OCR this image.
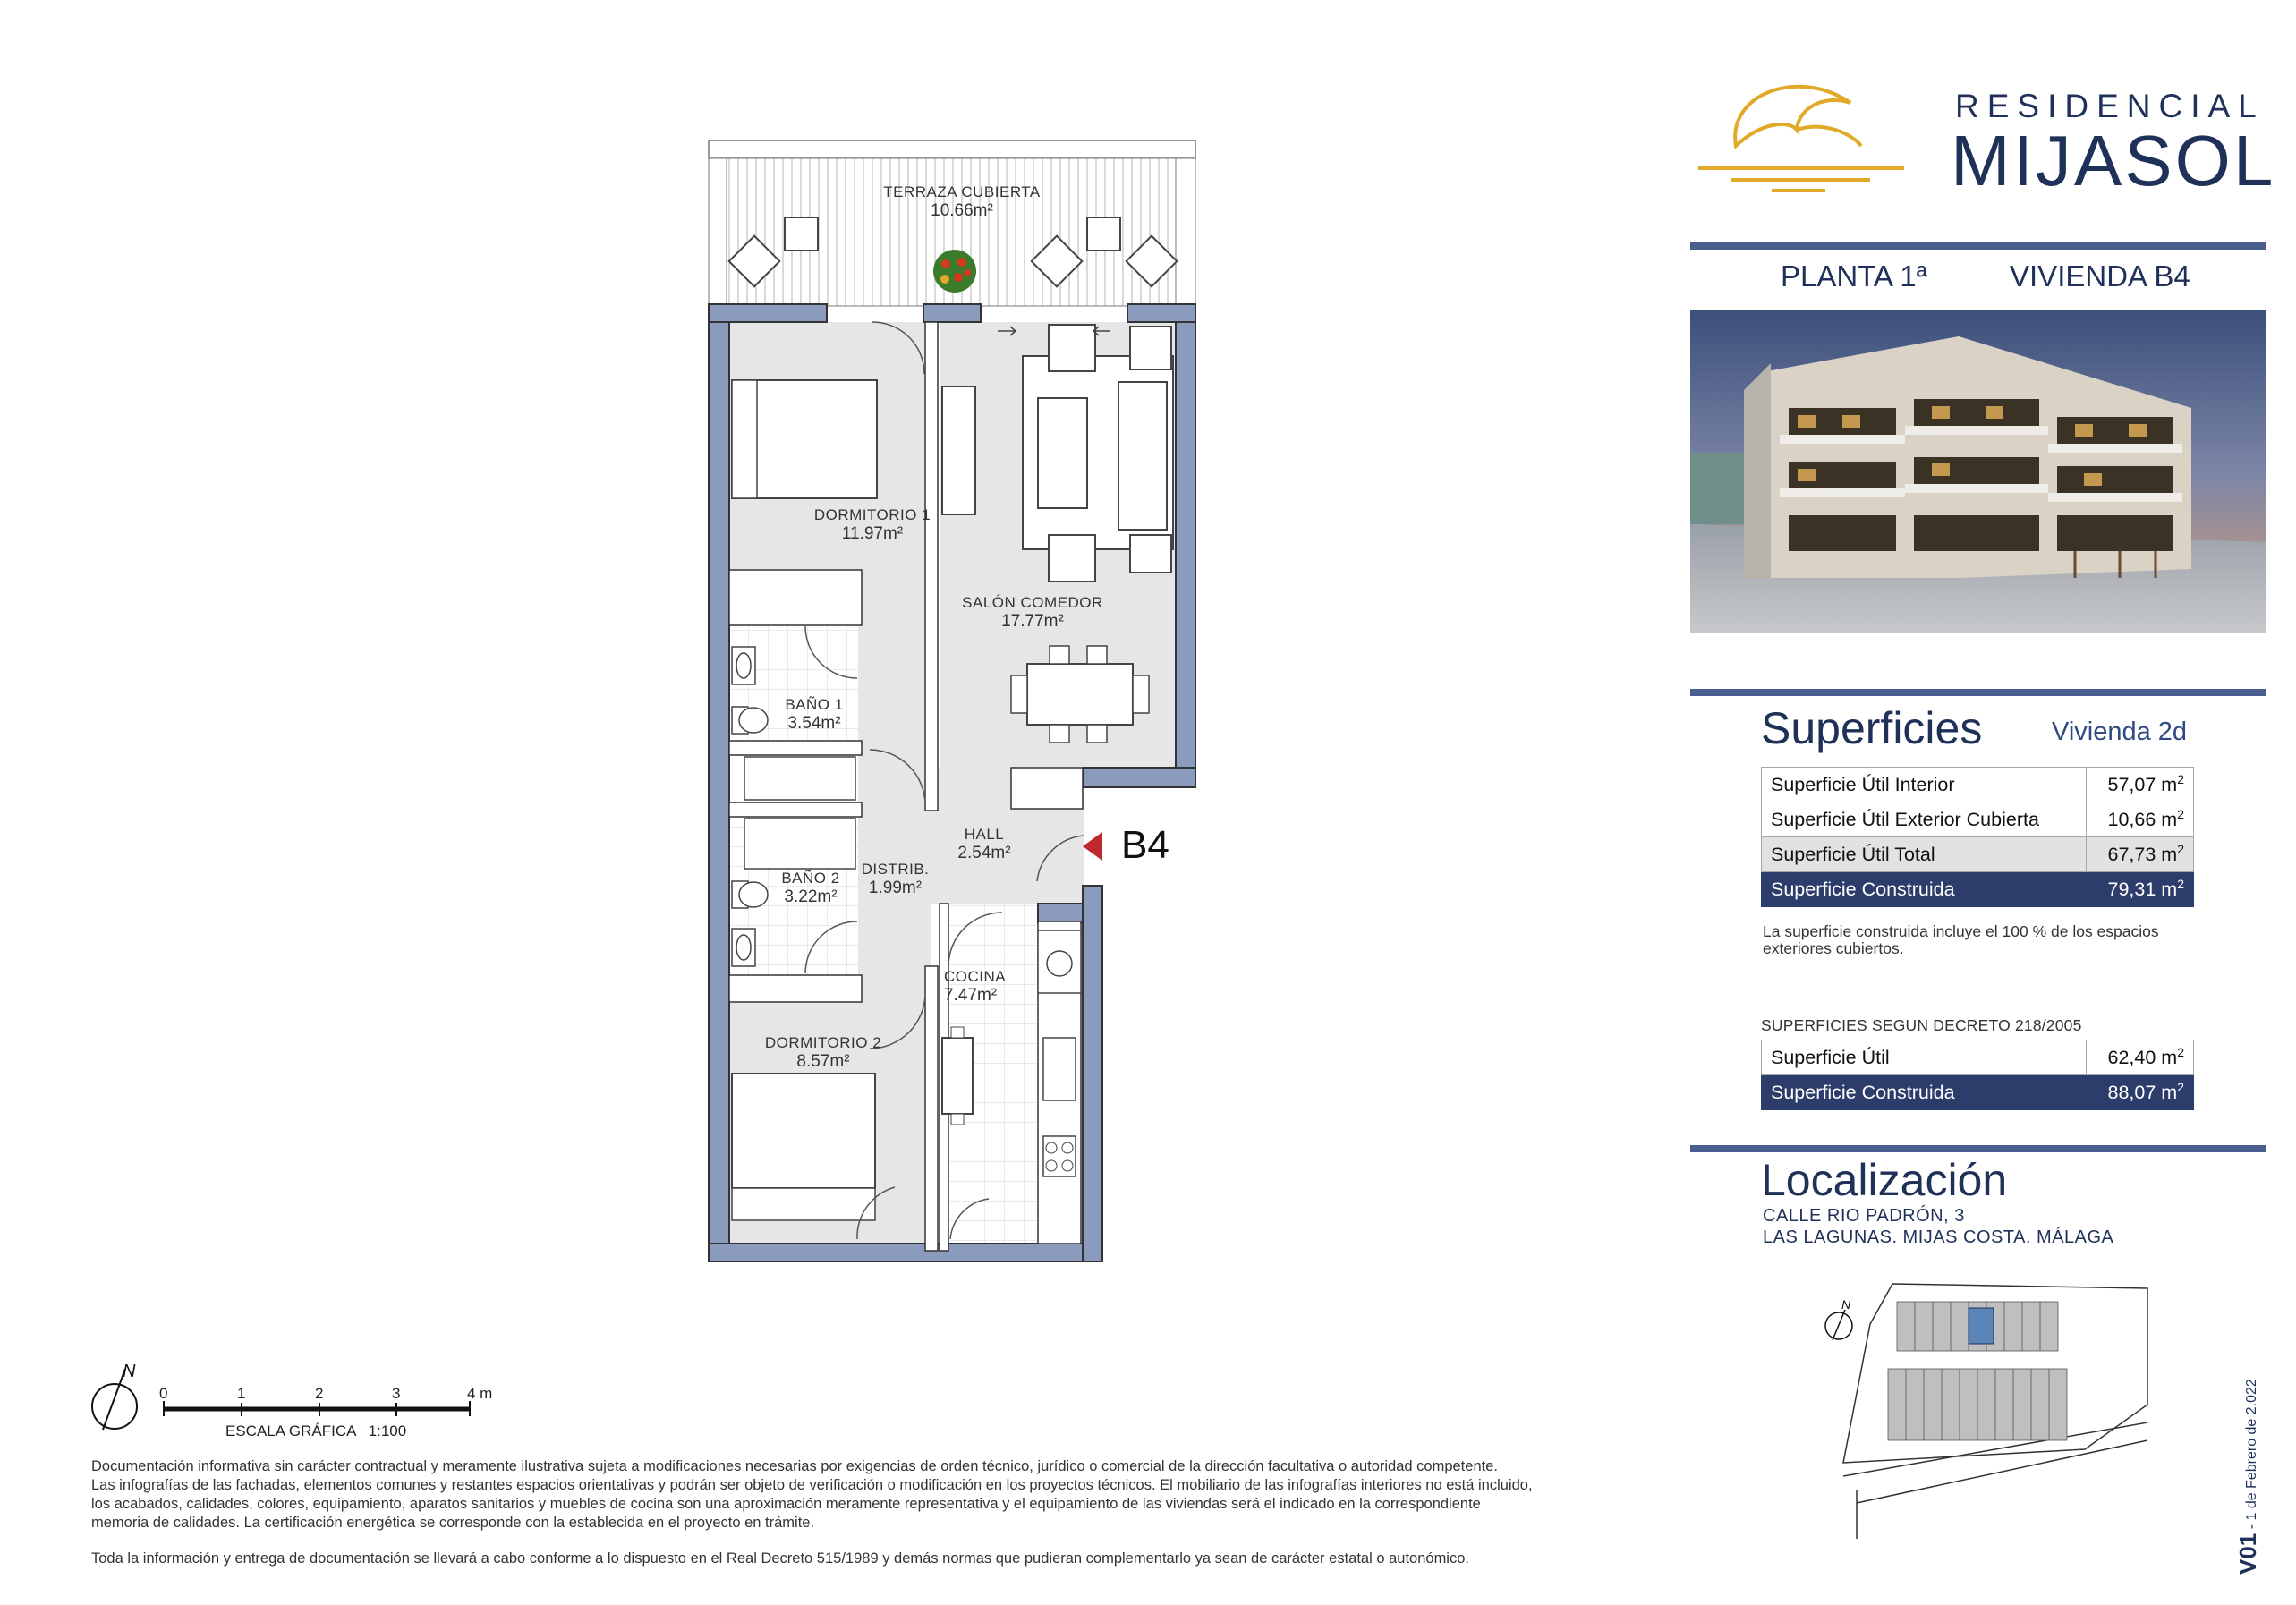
TERRAZA CUBIERTA
10.66m²
DORMITORIO 1
11.97m²
SALÓN COMEDOR
17.77m²
BAÑO 1
3.54m²
HALL
2.54m²
BAÑO 2
3.22m²
DISTRIB.
1.99m²
COCINA
7.47m²
DORMITORIO 2
8.57m²
B4
N
0	1	2	3	4 m
ESCALA GRÁFICA   1:100
RESIDENCIAL
MIJASOL
PLANTA 1ª	VIVIENDA B4
Superficies	Vivienda 2d
Superficie Útil Interior	57,07 $m^2$
Superficie Útil Exterior Cubierta	10,66 $m^2$
Superficie Útil Total	67,73 $m^2$
Superficie Construida	79,31 $m^2$
La superficie construida incluye el 100 % de los espacios exteriores cubiertos.
SUPERFICIES SEGUN DECRETO 218/2005
Superficie Útil	62,40 $m^2$
Superficie Construida	88,07 $m^2$
Localización
CALLE RIO PADRÓN, 3
LAS LAGUNAS. MIJAS COSTA. MÁLAGA
N
V01 - 1 de Febrero de 2.022
Documentación informativa sin carácter contractual y meramente ilustrativa sujeta a modificaciones necesarias por exigencias de orden técnico, jurídico o comercial de la dirección facultativa o autoridad competente.
Las infografías de las fachadas, elementos comunes y restantes espacios orientativas y podrán ser objeto de verificación o modificación en los proyectos técnicos. El mobiliario de las infografías interiores no está incluido,
los acabados, calidades, colores, equipamiento, aparatos sanitarios y muebles de cocina son una aproximación meramente representativa y el equipamiento de las viviendas será el indicado en la correspondiente
memoria de calidades. La certificación energética se corresponde con la establecida en el proyecto en trámite.
Toda la información y entrega de documentación se llevará a cabo conforme a lo dispuesto en el Real Decreto 515/1989 y demás normas que pudieran complementarlo ya sean de carácter estatal o autonómico.
